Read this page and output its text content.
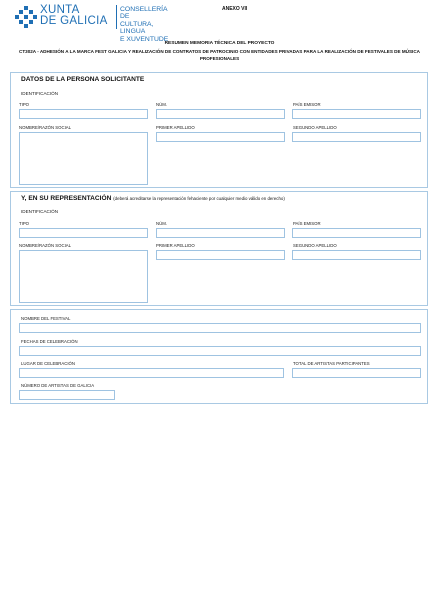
XUNTA
DE GALICIA
CONSELLERÍA DE
CULTURA, LINGUA
E XUVENTUDE
ANEXO VII
RESUMEN MEMORIA TÉCNICA DEL PROYECTO
CT302A - ADHESIÓN A LA MARCA FEST GALICIA Y REALIZACIÓN DE CONTRATOS DE PATROCINIO CON ENTIDADES PRIVADAS PARA LA REALIZACIÓN DE FESTIVALES DE MÚSICA PROFESIONALES
DATOS DE LA PERSONA SOLICITANTE
IDENTIFICACIÓN
TIPO	NÚM.	PAÍS EMISOR
NOMBRE/RAZÓN SOCIAL	PRIMER APELLIDO	SEGUNDO APELLIDO
Y, EN SU REPRESENTACIÓN (deberá acreditarse la representación fehaciente por cualquier medio válido en derecho)
IDENTIFICACIÓN
TIPO	NÚM.	PAÍS EMISOR
NOMBRE/RAZÓN SOCIAL	PRIMER APELLIDO	SEGUNDO APELLIDO
NOMBRE DEL FESTIVAL
FECHAS DE CELEBRACIÓN
LUGAR DE CELEBRACIÓN	TOTAL DE ARTISTAS PARTICIPANTES
NÚMERO DE ARTISTAS DE GALICIA
